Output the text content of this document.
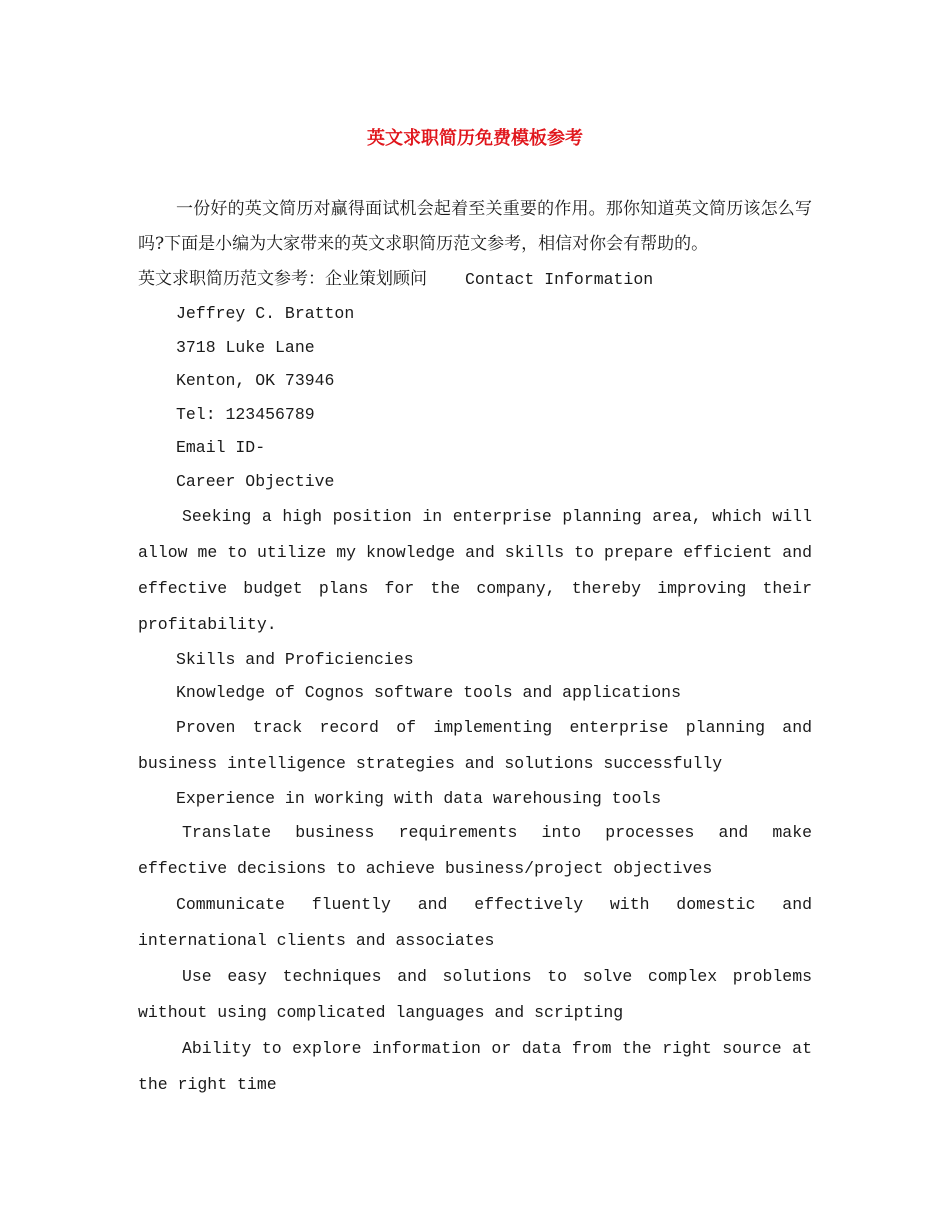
英文求职简历免费模板参考

一份好的英文简历对赢得面试机会起着至关重要的作用。那你知道英文简历该怎么写吗?下面是小编为大家带来的英文求职简历范文参考，相信对你会有帮助的。

英文求职简历范文参考：企业策划顾问 Contact Information

Jeffrey C. Bratton

3718 Luke Lane

Kenton, OK 73946

Tel: 123456789

Email ID-

Career Objective

Seeking a high position in enterprise planning area, which will allow me to utilize my knowledge and skills to prepare efficient and effective budget plans for the company, thereby improving their profitability.

Skills and Proficiencies

Knowledge of Cognos software tools and applications

Proven track record of implementing enterprise planning and business intelligence strategies and solutions successfully

Experience in working with data warehousing tools

Translate business requirements into processes and make effective decisions to achieve business/project objectives

Communicate fluently and effectively with domestic and international clients and associates

Use easy techniques and solutions to solve complex problems without using complicated languages and scripting

Ability to explore information or data from the right source at the right time
